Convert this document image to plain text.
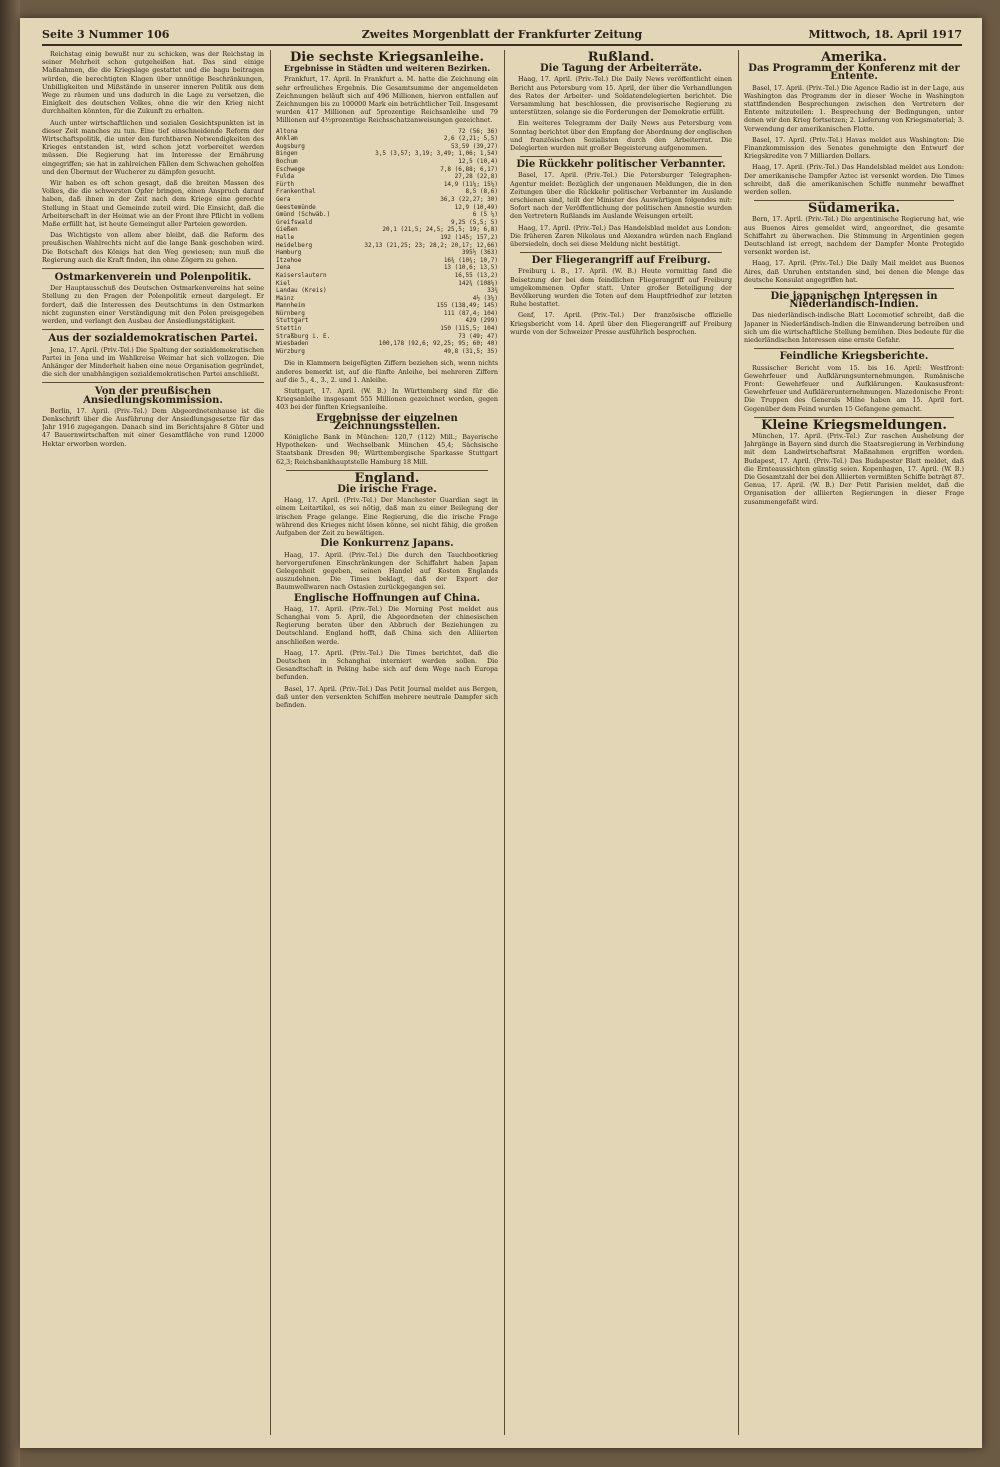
Seite 3 Nummer 106	Zweites Morgenblatt der Frankfurter Zeitung	Mittwoch, 18. April 1917

Reichstag einig bewußt nur zu schicken, was der Reichstag in seiner Mehrheit schon gutgeheißen hat. Das sind einige Maßnahmen, die die Kriegslage gestattet und die bagu beitragen würden, die berechtigten Klagen über unnötige Beschränkungen, Unbilligkeiten und Mißstände in unserer inneren Politik aus dem Wege zu räumen und uns dadurch in die Lage zu versetzen, die Einigkeit des deutschen Volkes, ohne die wir den Krieg nicht durchhalten könnten, für die Zukunft zu erhalten.

Auch unter wirtschaftlichen und sozialen Gesichtspunkten ist in dieser Zeit manches zu tun. Eine tief einschneidende Reform der Wirtschaftspolitik, die unter den furchtbaren Notwendigkeiten des Krieges entstanden ist, wird schon jetzt vorbereitet werden müssen. Die Regierung hat im Interesse der Ernährung eingegriffen; sie hat in zahlreichen Fällen dem Schwachen geholfen und den Übermut der Wucherer zu dämpfen gesucht.

Wir haben es oft schon gesagt, daß die breiten Massen des Volkes, die die schwersten Opfer bringen, einen Anspruch darauf haben, daß ihnen in der Zeit nach dem Kriege eine gerechte Stellung in Staat und Gemeinde zuteil wird. Die Einsicht, daß die Arbeiterschaft in der Heimat wie an der Front ihre Pflicht in vollem Maße erfüllt hat, ist heute Gemeingut aller Parteien geworden.

Das Wichtigste von allem aber bleibt, daß die Reform des preußischen Wahlrechts nicht auf die lange Bank geschoben wird. Die Botschaft des Königs hat den Weg gewiesen; nun muß die Regierung auch die Kraft finden, ihn ohne Zögern zu gehen.

Ostmarkenverein und Polenpolitik.

Der Hauptausschuß des Deutschen Ostmarkenvereins hat seine Stellung zu den Fragen der Polenpolitik erneut dargelegt. Er fordert, daß die Interessen des Deutschtums in den Ostmarken nicht zugunsten einer Verständigung mit den Polen preisgegeben werden, und verlangt den Ausbau der Ansiedlungstätigkeit.

Aus der sozialdemokratischen Partei.

Jena, 17. April. (Priv.-Tel.) Die Spaltung der sozialdemokratischen Partei in Jena und im Wahlkreise Weimar hat sich vollzogen. Die Anhänger der Minderheit haben eine neue Organisation gegründet, die sich der unabhängigen sozialdemokratischen Partei anschließt.

Von der preußischen Ansiedlungskommission.

Berlin, 17. April. (Priv.-Tel.) Dem Abgeordnetenhause ist die Denkschrift über die Ausführung der Ansiedlungsgesetze für das Jahr 1916 zugegangen. Danach sind im Berichtsjahre 8 Güter und 47 Bauernwirtschaften mit einer Gesamtfläche von rund 12000 Hektar erworben worden.

Die sechste Kriegsanleihe.
Ergebnisse in Städten und weiteren Bezirken.

Frankfurt, 17. April. In Frankfurt a. M. hatte die Zeichnung ein sehr erfreuliches Ergebnis. Die Gesamtsumme der angemeldeten Zeichnungen beläuft sich auf 496 Millionen, hiervon entfallen auf Zeichnungen bis zu 100000 Mark ein beträchtlicher Teil. Insgesamt wurden 417 Millionen auf 5prozentige Reichsanleihe und 79 Millionen auf 4½prozentige Reichsschatzanweisungen gezeichnet.

Altona	72 (56; 36)
Anklam	2,6 (2,21; 5,5)
Augsburg	53,59 (39,27)
Bingen	3,5 (3,57; 3,19; 3,49; 1,06; 1,54)
Bochum	12,5 (10,4)
Eschwege	7,8 (6,88; 6,17)
Fulda	27,28 (22,8)
Fürth	14,9 (11¼; 15¼)
Frankenthal	8,5 (8,6)
Gera	36,3 (22,27; 30)
Geestemünde	12,9 (10,49)
Gmünd (Schwäb.)	6 (5 ¼)
Greifswald	9,25 (5,5; 5)
Gießen	20,1 (21,5; 24,5; 25,5; 19; 6,8)
Halle	192 (145; 157,2)
Heidelberg	32,13 (21,25; 23; 28,2; 20,17; 12,66)
Hamburg	395½ (363)
Itzehoe	16¾ (10¾; 10,7)
Jena	13 (10,6; 13,5)
Kaiserslautern	16,55 (13,2)
Kiel	142¾ (108¼)
Landau (Kreis)	33¾
Mainz	4½ (3¼)
Mannheim	155 (138,49; 145)
Nürnberg	111 (87,4; 104)
Stuttgart	429 (299)
Stettin	150 (115,5; 104)
Straßburg i. E.	73 (49; 47)
Wiesbaden	100,178 (92,6; 92,25; 95; 60; 40)
Würzburg	49,8 (31,5; 35)

Die in Klammern beigefügten Ziffern beziehen sich, wenn nichts anderes bemerkt ist, auf die fünfte Anleihe, bei mehreren Ziffern auf die 5., 4., 3., 2. und 1. Anleihe.

Stuttgart, 17. April. (W. B.) In Württemberg sind für die Kriegsanleihe insgesamt 555 Millionen gezeichnet worden, gegen 403 bei der fünften Kriegsanleihe.

Ergebnisse der einzelnen Zeichnungsstellen.

Königliche Bank in München: 120,7 (112) Mill.; Bayerische Hypotheken- und Wechselbank München 45,4; Sächsische Staatsbank Dresden 98; Württembergische Sparkasse Stuttgart 62,3; Reichsbankhauptstelle Hamburg 18 Mill.

England.
Die irische Frage.

Haag, 17. April. (Priv.-Tel.) Der Manchester Guardian sagt in einem Leitartikel, es sei nötig, daß man zu einer Beilegung der irischen Frage gelange. Eine Regierung, die die irische Frage während des Krieges nicht lösen könne, sei nicht fähig, die großen Aufgaben der Zeit zu bewältigen.

Die Konkurrenz Japans.

Haag, 17. April. (Priv.-Tel.) Die durch den Tauchbootkrieg hervorgerufenen Einschränkungen der Schiffahrt haben Japan Gelegenheit gegeben, seinen Handel auf Kosten Englands auszudehnen. Die Times beklagt, daß der Export der Baumwollwaren nach Ostasien zurückgegangen sei.

Englische Hoffnungen auf China.

Haag, 17. April. (Priv.-Tel.) Die Morning Post meldet aus Schanghai vom 5. April, die Abgeordneten der chinesischen Regierung beraten über den Abbruch der Beziehungen zu Deutschland. England hofft, daß China sich den Alliierten anschließen werde.

Haag, 17. April. (Priv.-Tel.) Die Times berichtet, daß die Deutschen in Schanghai interniert werden sollen. Die Gesandtschaft in Peking habe sich auf dem Wege nach Europa befunden.

Basel, 17. April. (Priv.-Tel.) Das Petit Journal meldet aus Bergen, daß unter den versenkten Schiffen mehrere neutrale Dampfer sich befinden.

Rußland.
Die Tagung der Arbeiterräte.

Haag, 17. April. (Priv.-Tel.) Die Daily News veröffentlicht einen Bericht aus Petersburg vom 15. April, der über die Verhandlungen des Rates der Arbeiter- und Soldatendelegierten berichtet. Die Versammlung hat beschlossen, die provisorische Regierung zu unterstützen, solange sie die Forderungen der Demokratie erfüllt.

Ein weiteres Telegramm der Daily News aus Petersburg vom Sonntag berichtet über den Empfang der Abordnung der englischen und französischen Sozialisten durch den Arbeiterrat. Die Delegierten wurden mit großer Begeisterung aufgenommen.

Die Rückkehr politischer Verbannter.

Basel, 17. April. (Priv.-Tel.) Die Petersburger Telegraphen-Agentur meldet: Bezüglich der ungenauen Meldungen, die in den Zeitungen über die Rückkehr politischer Verbannter im Auslande erschienen sind, teilt der Minister des Auswärtigen folgendes mit: Sofort nach der Veröffentlichung der politischen Amnestie wurden den Vertretern Rußlands im Auslande Weisungen erteilt.

Haag, 17. April. (Priv.-Tel.) Das Handelsblad meldet aus London: Die früheren Zaren Nikolaus und Alexandra würden nach England übersiedeln, doch sei diese Meldung nicht bestätigt.

Der Fliegerangriff auf Freiburg.

Freiburg i. B., 17. April. (W. B.) Heute vormittag fand die Beisetzung der bei dem feindlichen Fliegerangriff auf Freiburg umgekommenen Opfer statt. Unter großer Beteiligung der Bevölkerung wurden die Toten auf dem Hauptfriedhof zur letzten Ruhe bestattet.

Genf, 17. April. (Priv.-Tel.) Der französische offizielle Kriegsbericht vom 14. April über den Fliegerangriff auf Freiburg wurde von der Schweizer Presse ausführlich besprochen.

Amerika.
Das Programm der Konferenz mit der Entente.

Basel, 17. April. (Priv.-Tel.) Die Agence Radio ist in der Lage, aus Washington das Programm der in dieser Woche in Washington stattfindenden Besprechungen zwischen den Vertretern der Entente mitzuteilen: 1. Besprechung der Bedingungen, unter denen wir den Krieg fortsetzen; 2. Lieferung von Kriegsmaterial; 3. Verwendung der amerikanischen Flotte.

Basel, 17. April. (Priv.-Tel.) Havas meldet aus Washington: Die Finanzkommission des Senates genehmigte den Entwurf der Kriegskredite von 7 Milliarden Dollars.

Haag, 17. April. (Priv.-Tel.) Das Handelsblad meldet aus London: Der amerikanische Dampfer Aztec ist versenkt worden. Die Times schreibt, daß die amerikanischen Schiffe nunmehr bewaffnet werden sollen.

Südamerika.

Bern, 17. April. (Priv.-Tel.) Die argentinische Regierung hat, wie aus Buenos Aires gemeldet wird, angeordnet, die gesamte Schiffahrt zu überwachen. Die Stimmung in Argentinien gegen Deutschland ist erregt, nachdem der Dampfer Monte Protegido versenkt worden ist.

Haag, 17. April. (Priv.-Tel.) Die Daily Mail meldet aus Buenos Aires, daß Unruhen entstanden sind, bei denen die Menge das deutsche Konsulat angegriffen hat.

Die japanischen Interessen in Niederländisch-Indien.

Das niederländisch-indische Blatt Locomotief schreibt, daß die Japaner in Niederländisch-Indien die Einwanderung betreiben und sich um die wirtschaftliche Stellung bemühen. Dies bedeute für die niederländischen Interessen eine ernste Gefahr.

Feindliche Kriegsberichte.

Russischer Bericht vom 15. bis 16. April: Westfront: Gewehrfeuer und Aufklärungsunternehmungen. Rumänische Front: Gewehrfeuer und Aufklärungen. Kaukasusfront: Gewehrfeuer und Aufklärerunternehmungen. Mazedonische Front: Die Truppen des Generals Milne haben am 15. April fort. Gegenüber dem Feind wurden 15 Gefangene gemacht.

Kleine Kriegsmeldungen.

München, 17. April. (Priv.-Tel.) Zur raschen Aushebung der Jahrgänge in Bayern sind durch die Staatsregierung in Verbindung mit dem Landwirtschaftsrat Maßnahmen ergriffen worden. Budapest, 17. April. (Priv.-Tel.) Das Budapester Blatt meldet, daß die Ernteaussichten günstig seien. Kopenhagen, 17. April. (W. B.) Die Gesamtzahl der bei den Alliierten vermißten Schiffe beträgt 87. Genua, 17. April. (W. B.) Der Petit Parisien meldet, daß die Organisation der alliierten Regierungen in dieser Frage zusammengefaßt wird.
